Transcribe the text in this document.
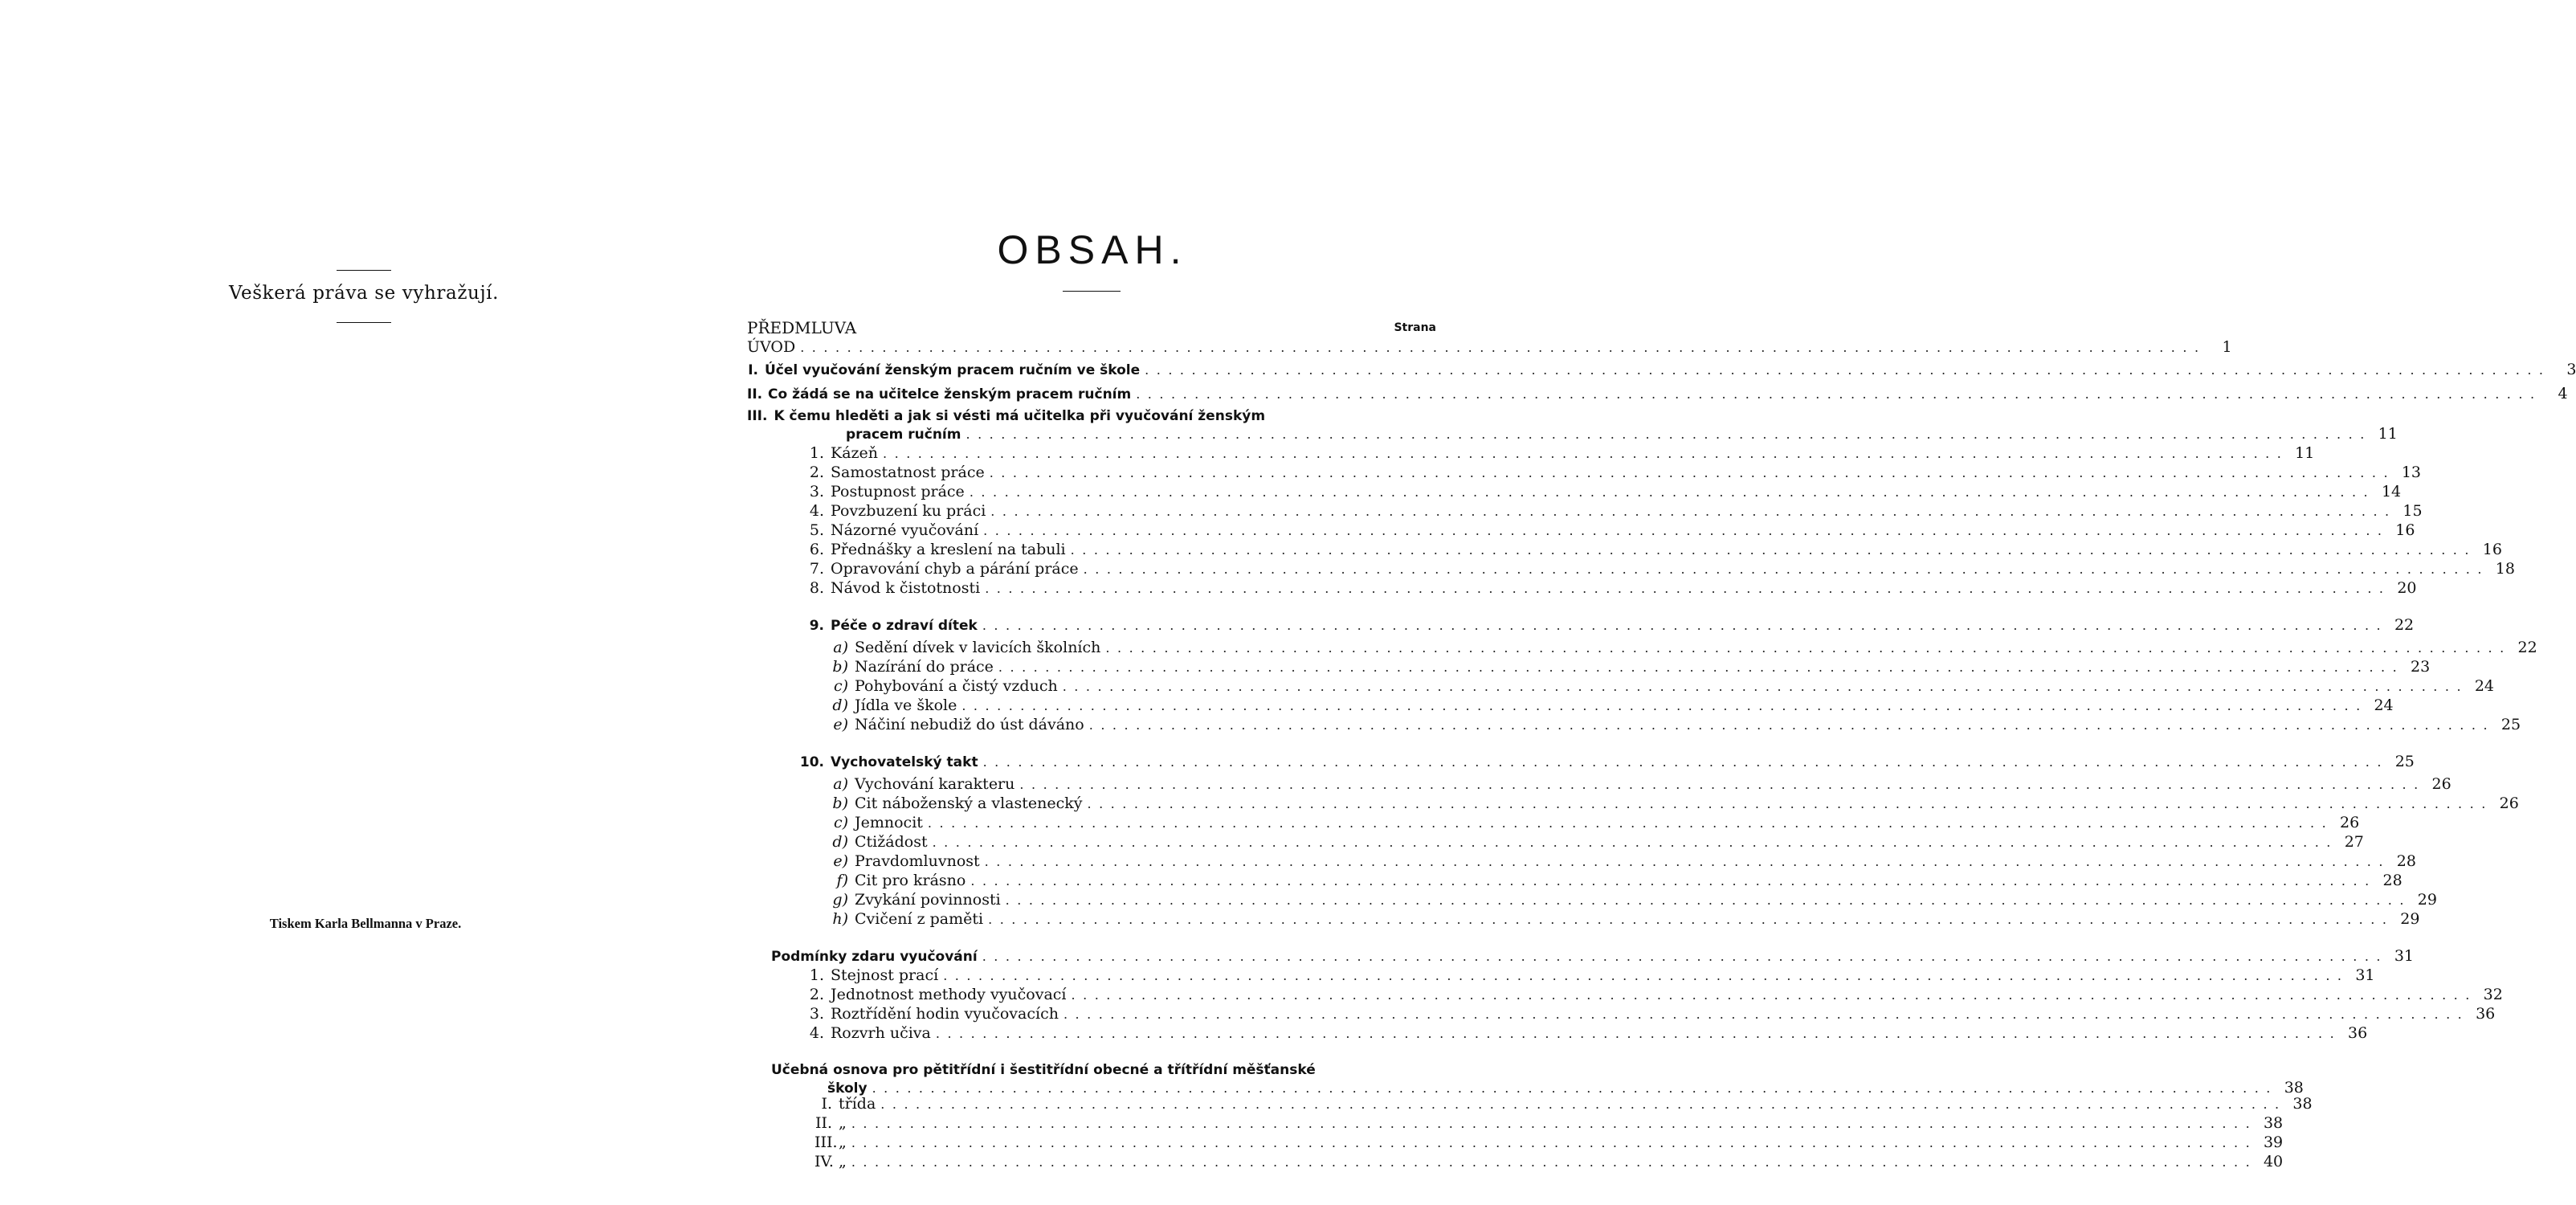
Veškerá práva se vyhražují.
Tiskem Karla Bellmanna v Praze.
OBSAH.
Strana
PŘEDMLUVA
ÚVOD ........................................................................................................................	1
I. Účel vyučování ženským pracem ručním ve škole ........................................................................................................................	3
II. Co žádá se na učitelce ženským pracem ručním ........................................................................................................................	4
III. K čemu hleděti a jak si vésti má učitelka při vyučování ženským
pracem ručním ........................................................................................................................ 11
1. Kázeň ........................................................................................................................ 11
2. Samostatnost práce ........................................................................................................................ 13
3. Postupnost práce ........................................................................................................................ 14
4. Povzbuzení ku práci ........................................................................................................................ 15
5. Názorné vyučování ........................................................................................................................ 16
6. Přednášky a kreslení na tabuli ........................................................................................................................ 16
7. Opravování chyb a párání práce ........................................................................................................................ 18
8. Návod k čistotnosti ........................................................................................................................ 20
9. Péče o zdraví dítek ........................................................................................................................ 22
a) Sedění dívek v lavicích školních ........................................................................................................................ 22
b) Nazírání do práce ........................................................................................................................ 23
c) Pohybování a čistý vzduch ........................................................................................................................ 24
d) Jídla ve škole ........................................................................................................................ 24
e) Náčiní nebudiž do úst dáváno ........................................................................................................................ 25
10. Vychovatelský takt ........................................................................................................................ 25
a) Vychování karakteru ........................................................................................................................ 26
b) Cit náboženský a vlastenecký ........................................................................................................................ 26
c) Jemnocit ........................................................................................................................ 26
d) Ctižádost ........................................................................................................................ 27
e) Pravdomluvnost ........................................................................................................................ 28
f) Cit pro krásno ........................................................................................................................ 28
g) Zvykání povinnosti ........................................................................................................................ 29
h) Cvičení z paměti ........................................................................................................................ 29
Podmínky zdaru vyučování ........................................................................................................................ 31
1. Stejnost prací ........................................................................................................................ 31
2. Jednotnost methody vyučovací ........................................................................................................................ 32
3. Roztřídění hodin vyučovacích ........................................................................................................................ 36
4. Rozvrh učiva ........................................................................................................................ 36
Učebná osnova pro pětitřídní i šestitřídní obecné a třítřídní měšťanské
školy ........................................................................................................................ 38
I. třída ........................................................................................................................ 38
II. „ ........................................................................................................................ 38
III. „ ........................................................................................................................ 39
IV. „ ........................................................................................................................ 40
